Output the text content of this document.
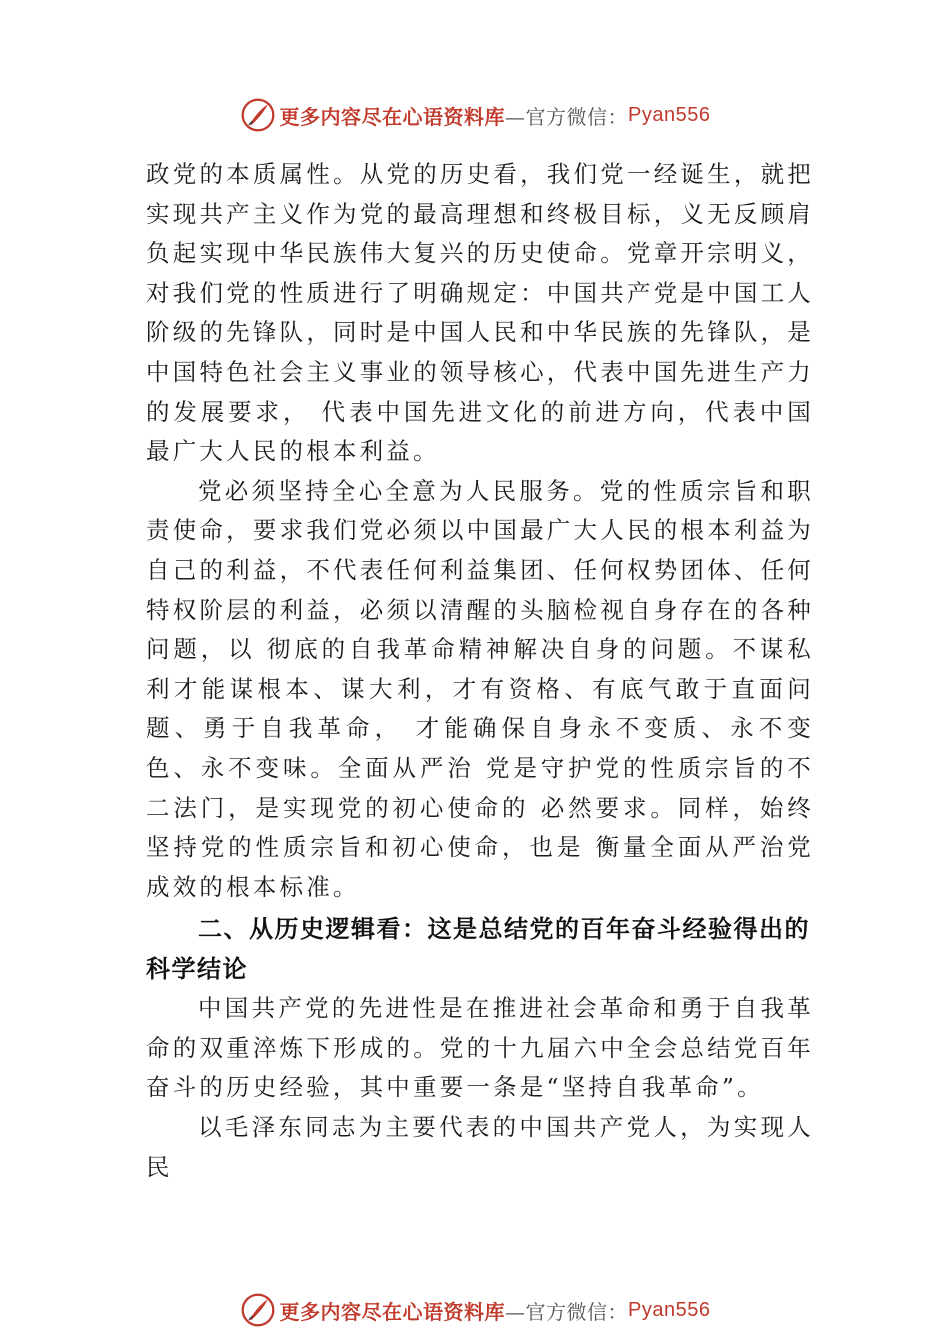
更多内容尽在心语资料库 —官方微信： Pyan556

政党的本质属性。从党的历史看，我们党一经诞生，就把实现共产主义作为党的最高理想和终极目标，义无反顾肩负起实现中华民族伟大复兴的历史使命。党章开宗明义，对我们党的性质进行了明确规定：中国共产党是中国工人阶级的先锋队，同时是中国人民和中华民族的先锋队，是中国特色社会主义事业的领导核心，代表中国先进生产力的发展要求， 代表中国先进文化的前进方向，代表中国最广大人民的根本利益。

党必须坚持全心全意为人民服务。党的性质宗旨和职责使命，要求我们党必须以中国最广大人民的根本利益为自己的利益，不代表任何利益集团、任何权势团体、任何特权阶层的利益，必须以清醒的头脑检视自身存在的各种问题，以 彻底的自我革命精神解决自身的问题。不谋私利才能谋根本、谋大利，才有资格、有底气敢于直面问题、勇于自我革命， 才能确保自身永不变质、永不变色、永不变味。全面从严治 党是守护党的性质宗旨的不二法门，是实现党的初心使命的 必然要求。同样，始终坚持党的性质宗旨和初心使命，也是 衡量全面从严治党成效的根本标准。

二、从历史逻辑看：这是总结党的百年奋斗经验得出的科学结论

中国共产党的先进性是在推进社会革命和勇于自我革命的双重淬炼下形成的。党的十九届六中全会总结党百年奋斗的历史经验，其中重要一条是“坚持自我革命”。

以毛泽东同志为主要代表的中国共产党人，为实现人民

更多内容尽在心语资料库 —官方微信： Pyan556
